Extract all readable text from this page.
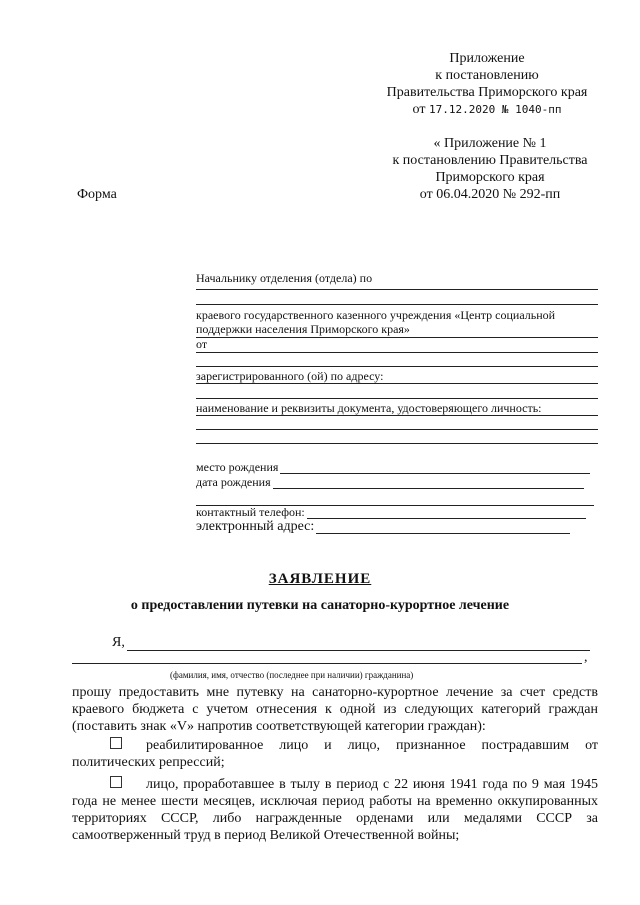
Приложение
к постановлению
Правительства Приморского края
от 17.12.2020 № 1040-пп
« Приложение № 1
к постановлению Правительства
Приморского края
от 06.04.2020 № 292-пп
Форма
Начальнику отделения (отдела) по
краевого государственного казенного учреждения «Центр социальной поддержки населения Приморского края»
от
зарегистрированного (ой) по адресу:
наименование и реквизиты документа, удостоверяющего личность:
место рождения
дата рождения
контактный телефон:
электронный адрес:
ЗАЯВЛЕНИЕ
о предоставлении путевки на санаторно-курортное лечение
Я,
,
(фамилия, имя, отчество (последнее при наличии) гражданина)
прошу предоставить мне путевку на санаторно-курортное лечение за счет средств краевого бюджета с учетом отнесения к одной из следующих категорий граждан (поставить знак «V» напротив соответствующей категории граждан):
реабилитированное лицо и лицо, признанное пострадавшим от политических репрессий;
лицо, проработавшее в тылу в период с 22 июня 1941 года по 9 мая 1945 года не менее шести месяцев, исключая период работы на временно оккупированных территориях СССР, либо награжденные орденами или медалями СССР за самоотверженный труд в период Великой Отечественной войны;
